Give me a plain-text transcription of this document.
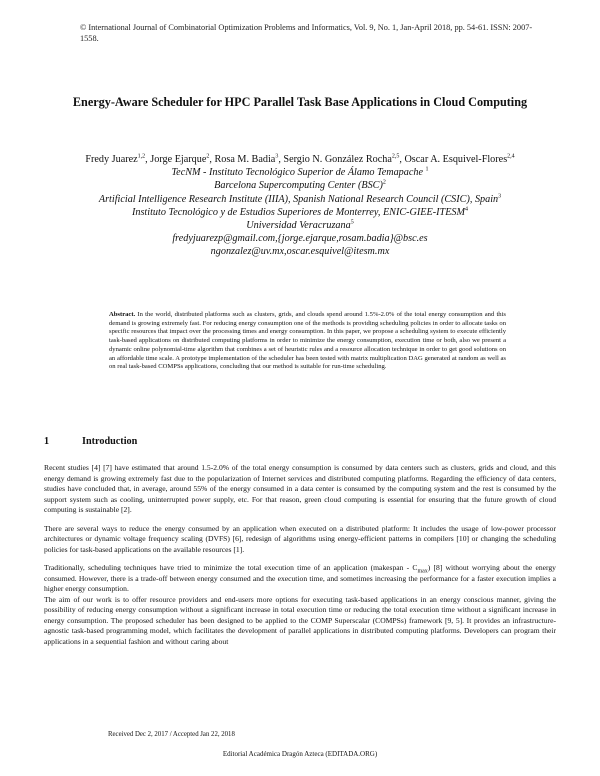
© International Journal of Combinatorial Optimization Problems and Informatics, Vol. 9, No. 1, Jan-April 2018, pp. 54-61. ISSN: 2007-1558.
Energy-Aware Scheduler for HPC Parallel Task Base Applications in Cloud Computing
Fredy Juarez$^{1,2}$, Jorge Ejarque$^2$, Rosa M. Badia$^3$, Sergio N. González Rocha$^{2,5}$, Oscar A. Esquivel-Flores$^{2,4}$
TecNM - Instituto Tecnológico Superior de Álamo Temapache $^1$
Barcelona Supercomputing Center (BSC)$^2$
Artificial Intelligence Research Institute (IIIA), Spanish National Research Council (CSIC), Spain$^3$
Instituto Tecnológico y de Estudios Superiores de Monterrey, ENIC-GIEE-ITESM$^4$
Universidad Veracruzana$^5$
fredyjuarezp@gmail.com,{jorge.ejarque,rosam.badia}@bsc.es
ngonzalez@uv.mx,oscar.esquivel@itesm.mx
Abstract. In the world, distributed platforms such as clusters, grids, and clouds spend around 1.5%-2.0% of the total energy consumption and this demand is growing extremely fast. For reducing energy consumption one of the methods is providing scheduling policies in order to allocate tasks on specific resources that impact over the processing times and energy consumption. In this paper, we propose a scheduling system to execute efficiently task-based applications on distributed computing platforms in order to minimize the energy consumption, execution time or both, also we present a dynamic online polynomial-time algorithm that combines a set of heuristic rules and a resource allocation technique in order to get good solutions on an affordable time scale. A prototype implementation of the scheduler has been tested with matrix multiplication DAG generated at random as well as on real task-based COMPSs applications, concluding that our method is suitable for run-time scheduling.
1	Introduction

Recent studies [4] [7] have estimated that around 1.5-2.0% of the total energy consumption is consumed by data centers such as clusters, grids and cloud, and this energy demand is growing extremely fast due to the popularization of Internet services and distributed computing platforms. Regarding the efficiency of data centers, studies have concluded that, in average, around 55% of the energy consumed in a data center is consumed by the computing system and the rest is consumed by the support system such as cooling, uninterrupted power supply, etc. For that reason, green cloud computing is essential for ensuring that the future growth of cloud computing is sustainable [2].

There are several ways to reduce the energy consumed by an application when executed on a distributed platform: It includes the usage of low-power processor architectures or dynamic voltage frequency scaling (DVFS) [6], redesign of algorithms using energy-efficient patterns in compilers [10] or changing the scheduling policies for task-based applications on the available resources [1].

Traditionally, scheduling techniques have tried to minimize the total execution time of an application (makespan - $C_{max}$) [8] without worrying about the energy consumed. However, there is a trade-off between energy consumed and the execution time, and sometimes increasing the performance for a faster execution implies a higher energy consumption.

The aim of our work is to offer resource providers and end-users more options for executing task-based applications in an energy conscious manner, giving the possibility of reducing energy consumption without a significant increase in total execution time or reducing the total execution time without a significant increase in energy consumption. The proposed scheduler has been designed to be applied to the COMP Superscalar (COMPSs) framework [9, 5]. It provides an infrastructure-agnostic task-based programming model, which facilitates the development of parallel applications in distributed computing platforms. Developers can program their applications in a sequential fashion and without caring about

Received Dec 2, 2017 / Accepted Jan 22, 2018
Editorial Académica Dragón Azteca (EDITADA.ORG)
